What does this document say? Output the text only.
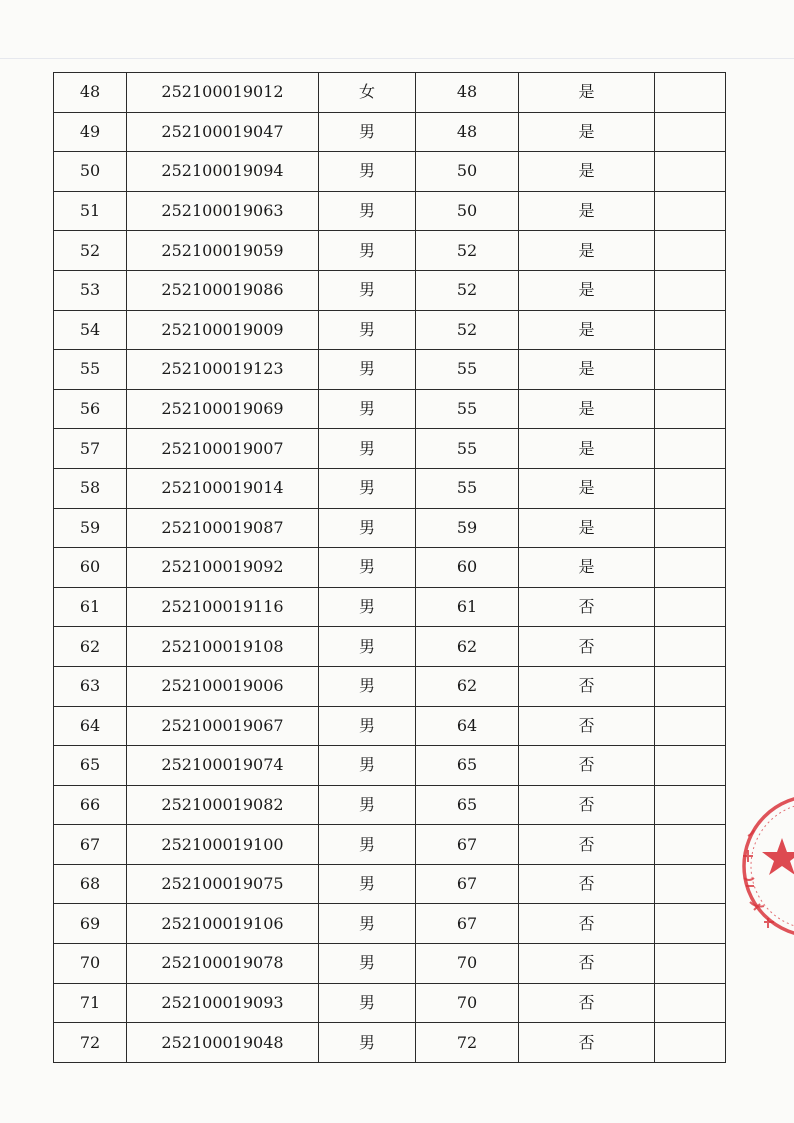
48	252100019012	女	48	是	
49	252100019047	男	48	是	
50	252100019094	男	50	是	
51	252100019063	男	50	是	
52	252100019059	男	52	是	
53	252100019086	男	52	是	
54	252100019009	男	52	是	
55	252100019123	男	55	是	
56	252100019069	男	55	是	
57	252100019007	男	55	是	
58	252100019014	男	55	是	
59	252100019087	男	59	是	
60	252100019092	男	60	是	
61	252100019116	男	61	否	
62	252100019108	男	62	否	
63	252100019006	男	62	否	
64	252100019067	男	64	否	
65	252100019074	男	65	否	
66	252100019082	男	65	否	
67	252100019100	男	67	否	
68	252100019075	男	67	否	
69	252100019106	男	67	否	
70	252100019078	男	70	否	
71	252100019093	男	70	否	
72	252100019048	男	72	否	
